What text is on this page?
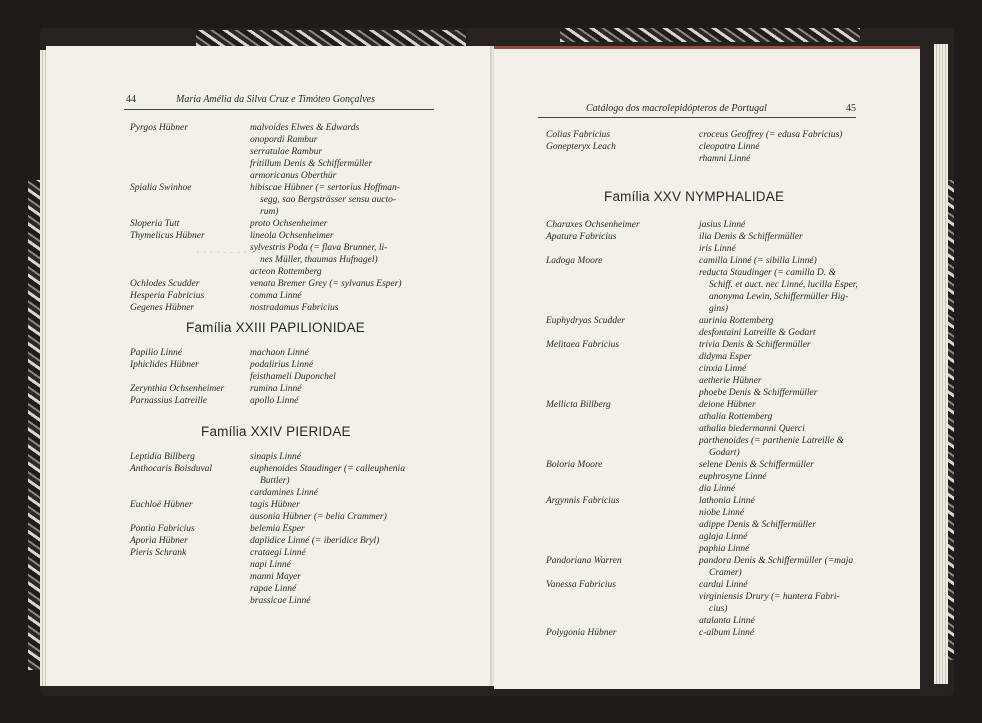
· · · · · · · · · · · ·
44	Maria Amélia da Silva Cruz e Timóteo Gonçalves
Pyrgos Hübner	malvoides Elwes & Edwards
onopordi Rambur
serratulae Rambur
fritillum Denis & Schiffermüller
armoricanus Oberthür
Spialia Swinhoe	hibiscae Hübner (= sertorius Hoffman-
segg, sao Bergsträsser sensu aucto-
rum)
Sloperia Tutt	proto Ochsenheimer
Thymelicus Hübner	lineola Ochsenheimer
sylvestris Poda (= flava Brunner, li-
nes Müller, thaumas Hufnagel)
acteon Rottemberg
Ochlodes Scudder	venata Bremer Grey (= sylvanus Esper)
Hesperia Fabricius	comma Linné
Gegenes Hübner	nostradamus Fabricius
Família XXIII PAPILIONIDAE
Papilio Linné	machaon Linné
Iphiclides Hübner	podalirius Linné
feisthameli Duponchel
Zerynthia Ochsenheimer	rumina Linné
Parnassius Latreille	apollo Linné
Família XXIV PIERIDAE
Leptidia Billberg	sinapis Linné
Anthocaris Boisduval	euphenoides Staudinger (= calleuphenia
Buttler)
cardamines Linné
Euchloë Hübner	tagis Hübner
ausonia Hübner (= belia Crammer)
Pontia Fabricius	belemia Esper
Aporia Hübner	daplidice Linné (= iberidice Bryl)
Pieris Schrank	crataegi Linné
napi Linné
manni Mayer
rapae Linné
brassicae Linné
Catálogo dos macrolepidópteros de Portugal	45
Colias Fabricius	croceus Geoffrey (= edusa Fabricius)
Gonepteryx Leach	cleopatra Linné
rhamni Linné
Família XXV NYMPHALIDAE
Charaxes Ochsenheimer	jasius Linné
Apatura Fabricius	ilia Denis & Schiffermüller
iris Linné
Ladoga Moore	camilla Linné (= sibilla Linné)
reducta Staudinger (= camilla D. &
Schiff. et auct. nec Linné, lucilla Esper,
anonyma Lewin, Schiffermüller Hig-
gins)
Euphydryas Scudder	aurinia Rottemberg
desfontaini Latreille & Godart
Melitaea Fabricius	trivia Denis & Schiffermüller
didyma Esper
cinxia Linné
aetherie Hübner
phoebe Denis & Schiffermüller
Mellicta Billberg	deione Hübner
athalia Rottemberg
athalia biedermanni Querci
parthenoides (= parthenie Latreille &
Godart)
Boloria Moore	selene Denis & Schiffermüller
euphrosyne Linné
dia Linné
Argynnis Fabricius	lathonia Linné
niobe Linné
adippe Denis & Schiffermüller
aglaja Linné
paphia Linné
Pandoriana Warren	pandora Denis & Schiffermüller (=maja
Cramer)
Vanessa Fabricius	cardui Linné
virginiensis Drury (= huntera Fabri-
cius)
atalanta Linné
Polygonia Hübner	c-album Linné
